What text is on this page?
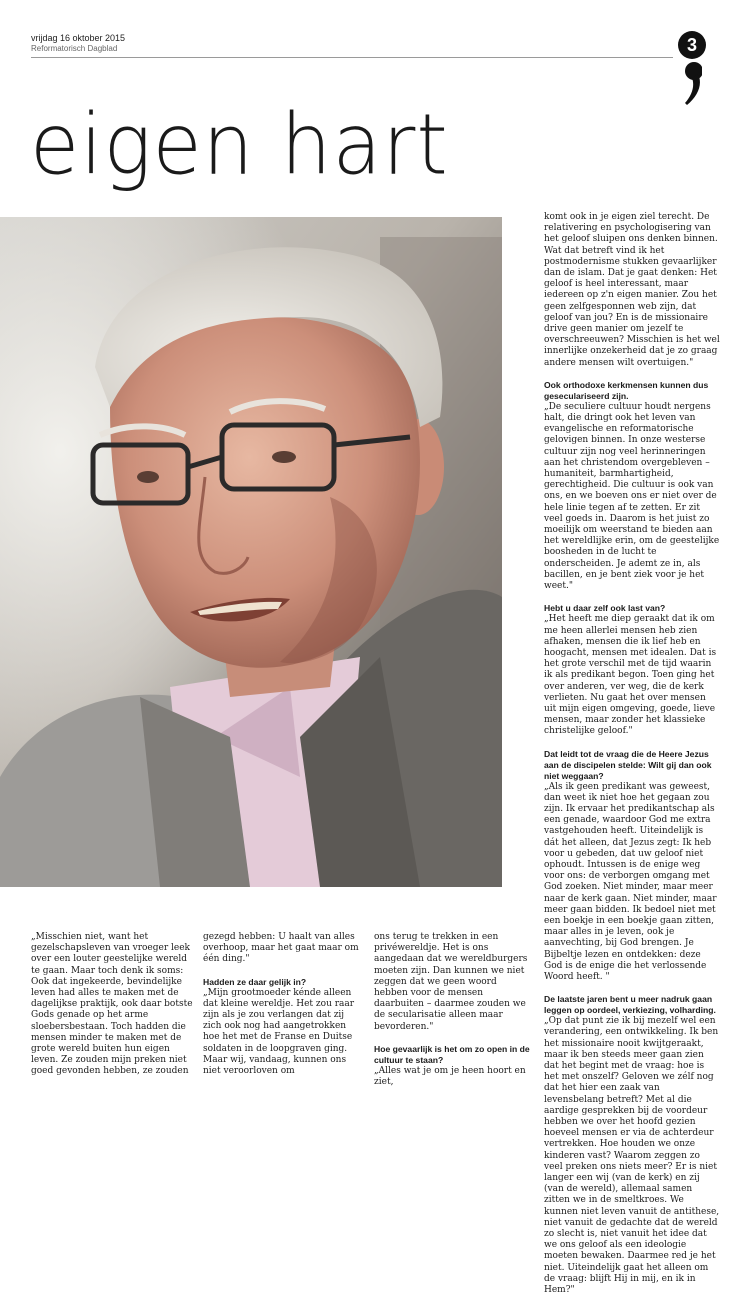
vrijdag 16 oktober 2015
Reformatorisch Dagblad	3
eigen hart

komt ook in je eigen ziel terecht. De relativering en psychologisering van het geloof sluipen ons denken binnen. Wat dat betreft vind ik het postmodernisme stukken gevaarlijker dan de islam. Dat je gaat denken: Het geloof is heel interessant, maar iedereen op z'n eigen manier. Zou het geen zelfgesponnen web zijn, dat geloof van jou? En is de missionaire drive geen manier om jezelf te overschreeuwen? Misschien is het wel innerlijke onzekerheid dat je zo graag andere mensen wilt overtuigen."

Ook orthodoxe kerkmensen kunnen dus geseculariseerd zijn.

„De seculiere cultuur houdt nergens halt, die dringt ook het leven van evangelische en reformatorische gelovigen binnen. In onze westerse cultuur zijn nog veel herinneringen aan het christendom overgebleven – humaniteit, barmhartigheid, gerechtigheid. Die cultuur is ook van ons, en we boeven ons er niet over de hele linie tegen af te zetten. Er zit veel goeds in. Daarom is het juist zo moeilijk om weerstand te bieden aan het wereldlijke erin, om de geestelijke boosheden in de lucht te onderscheiden. Je ademt ze in, als bacillen, en je bent ziek voor je het weet."

Hebt u daar zelf ook last van?

„Het heeft me diep geraakt dat ik om me heen allerlei mensen heb zien afhaken, mensen die ik lief heb en hoogacht, mensen met idealen. Dat is het grote verschil met de tijd waarin ik als predikant begon. Toen ging het over anderen, ver weg, die de kerk verlieten. Nu gaat het over mensen uit mijn eigen omgeving, goede, lieve mensen, maar zonder het klassieke christelijke geloof."

Dat leidt tot de vraag die de Heere Jezus aan de discipelen stelde: Wilt gij dan ook niet weggaan?

„Als ik geen predikant was geweest, dan weet ik niet hoe het gegaan zou zijn. Ik ervaar het predikantschap als een genade, waardoor God me extra vastgehouden heeft. Uiteindelijk is dát het alleen, dat Jezus zegt: Ik heb voor u gebeden, dat uw geloof niet ophoudt. Intussen is de enige weg voor ons: de verborgen omgang met God zoeken. Niet minder, maar meer naar de kerk gaan. Niet minder, maar meer gaan bidden. Ik bedoel niet met een boekje in een boekje gaan zitten, maar alles in je leven, ook je aanvechting, bij God brengen. Je Bijbeltje lezen en ontdekken: deze God is de enige die het verlossende Woord heeft. "

De laatste jaren bent u meer nadruk gaan leggen op oordeel, verkiezing, volharding.

„Op dat punt zie ik bij mezelf wel een verandering, een ontwikkeling. Ik ben het missionaire nooit kwijtgeraakt, maar ik ben steeds meer gaan zien dat het begint met de vraag: hoe is het met onszelf? Geloven we zélf nog dat het hier een zaak van levensbelang betreft? Met al die aardige gesprekken bij de voordeur hebben we over het hoofd gezien hoeveel mensen er via de achterdeur vertrekken. Hoe houden we onze kinderen vast? Waarom zeggen zo veel preken ons niets meer? Er is niet langer een wij (van de kerk) en zij (van de wereld), allemaal samen zitten we in de smeltkroes. We kunnen niet leven vanuit de antithese, niet vanuit de gedachte dat de wereld zo slecht is, niet vanuit het idee dat we ons geloof als een ideologie moeten bewaken. Daarmee red je het niet. Uiteindelijk gaat het alleen om de vraag: blijft Hij in mij, en ik in Hem?"

„Misschien niet, want het gezelschapsleven van vroeger leek over een louter geestelijke wereld te gaan. Maar toch denk ik soms: Ook dat ingekeerde, bevindelijke leven had alles te maken met de dagelijkse praktijk, ook daar botste Gods genade op het arme sloebersbestaan. Toch hadden die mensen minder te maken met de grote wereld buiten hun eigen leven. Ze zouden mijn preken niet goed gevonden hebben, ze zouden

gezegd hebben: U haalt van alles overhoop, maar het gaat maar om één ding."

Hadden ze daar gelijk in?

„Mijn grootmoeder kénde alleen dat kleine wereldje. Het zou raar zijn als je zou verlangen dat zij zich ook nog had aangetrokken hoe het met de Franse en Duitse soldaten in de loopgraven ging. Maar wij, vandaag, kunnen ons niet veroorloven om

ons terug te trekken in een privéwereldje. Het is ons aangedaan dat we wereldburgers moeten zijn. Dan kunnen we niet zeggen dat we geen woord hebben voor de mensen daarbuiten – daarmee zouden we de secularisatie alleen maar bevorderen."

Hoe gevaarlijk is het om zo open in de cultuur te staan?

„Alles wat je om je heen hoort en ziet,
